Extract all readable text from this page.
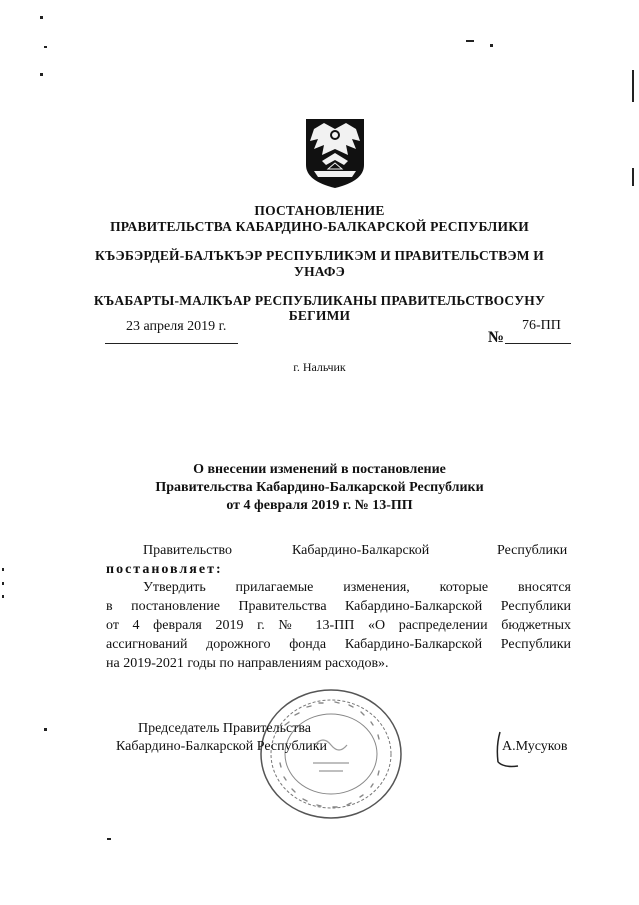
ПОСТАНОВЛЕНИЕ
ПРАВИТЕЛЬСТВА КАБАРДИНО-БАЛКАРСКОЙ РЕСПУБЛИКИ
КЪЭБЭРДЕЙ-БАЛЪКЪЭР РЕСПУБЛИКЭМ И ПРАВИТЕЛЬСТВЭМ И
УНАФЭ
КЪАБАРТЫ-МАЛКЪАР РЕСПУБЛИКАНЫ ПРАВИТЕЛЬСТВОСУНУ
БЕГИМИ
23 апреля 2019 г.
№
76-ПП
г. Нальчик
О внесении изменений в постановление
Правительства Кабардино-Балкарской Республики
от 4 февраля 2019 г. № 13-ПП
Правительство	Кабардино-Балкарской	Республики
постановляет:
Утвердить прилагаемые изменения, которые вносятся
в постановление Правительства Кабардино-Балкарской Республики
от 4 февраля 2019 г. № 13-ПП «О распределении бюджетных
ассигнований дорожного фонда Кабардино-Балкарской Республики
на 2019-2021 годы по направлениям расходов».
Председатель Правительства
Кабардино-Балкарской Республики	А.Мусуков
